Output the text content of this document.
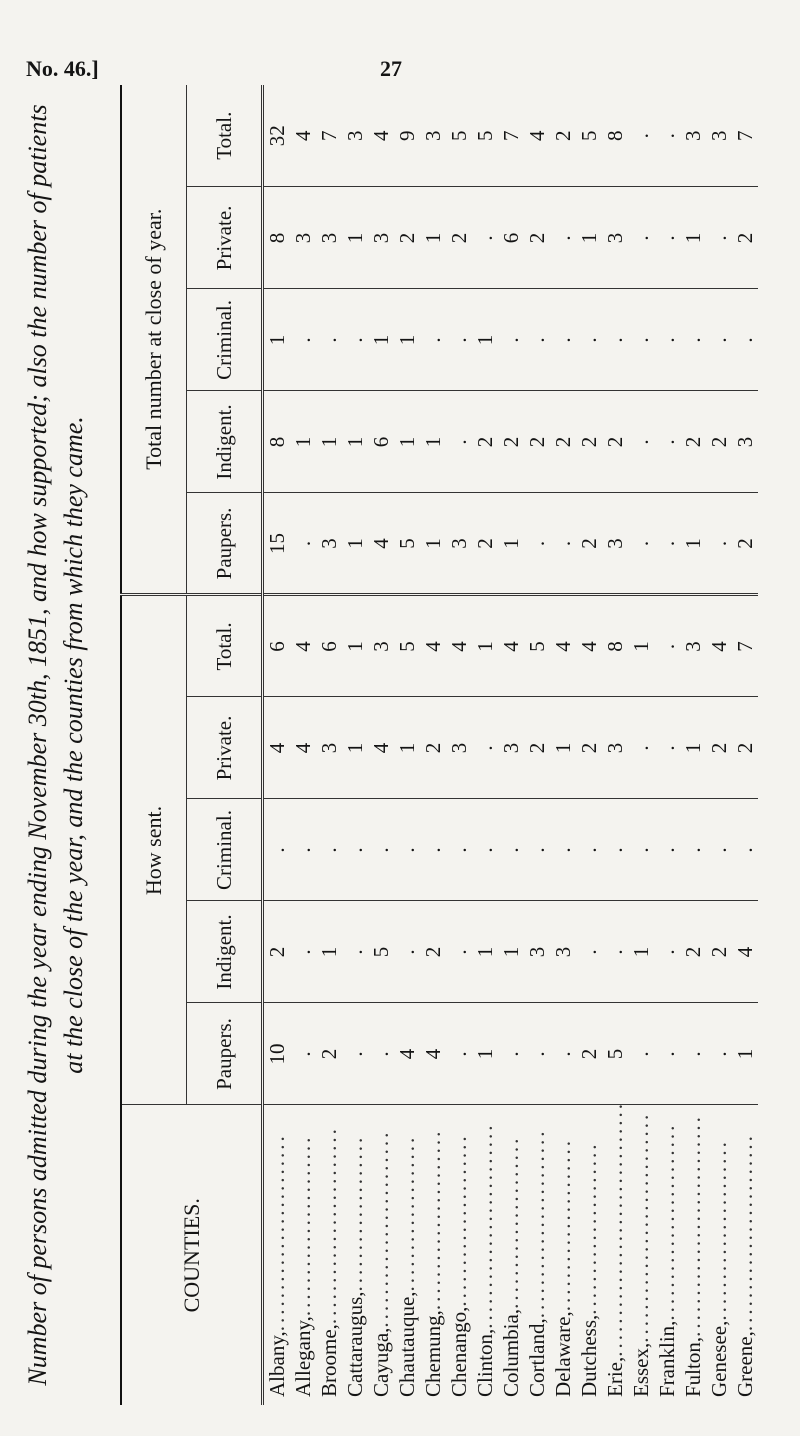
No. 46.]	27
Number of persons admitted during the year ending November 30th, 1851, and how supported; also the number of patients at the close of the year, and the counties from which they came.
COUNTIES.	How sent.					Total number at close of year.				
	Paupers.	Indigent.	Criminal.	Private.	Total.	Paupers.	Indigent.	Criminal.	Private.	Total.
Albany,........................	10	2	.	4	6	15	8	1	8	32
Allegany,......................	.	.	.	4	4	.	1	.	3	4
Broome,........................	2	1	.	3	6	3	1	.	3	7
Cattaraugus,...................	.	.	.	1	1	1	1	.	1	3
Cayuga,........................	.	5	.	4	3	4	6	1	3	4
Chautauque,...................	4	.	.	1	5	5	1	1	2	9
Chemung,......................	4	2	.	2	4	1	1	.	1	3
Chenango,.....................	.	.	.	3	4	3	.	.	2	5
Clinton,.........................	1	1	.	.	1	2	2	1	.	5
Columbia,.....................	.	1	.	3	4	1	2	.	6	7
Cortland,.......................	.	3	.	2	5	.	2	.	2	4
Delaware,.....................	.	3	.	1	4	.	2	.	.	2
Dutchess,.....................	2	.	.	2	4	2	2	.	1	5
Erie,...............................	5	.	.	3	8	3	2	.	3	8
Essex,............................	.	1	.	.	1	.	.	.	.	.
Franklin,........................	.	.	.	.	.	.	.	.	.	.
Fulton,...........................	.	2	.	1	3	1	2	.	1	3
Genesee,......................	.	2	.	2	4	.	2	.	.	3
Greene,........................	1	4	.	2	7	2	3	.	2	7
